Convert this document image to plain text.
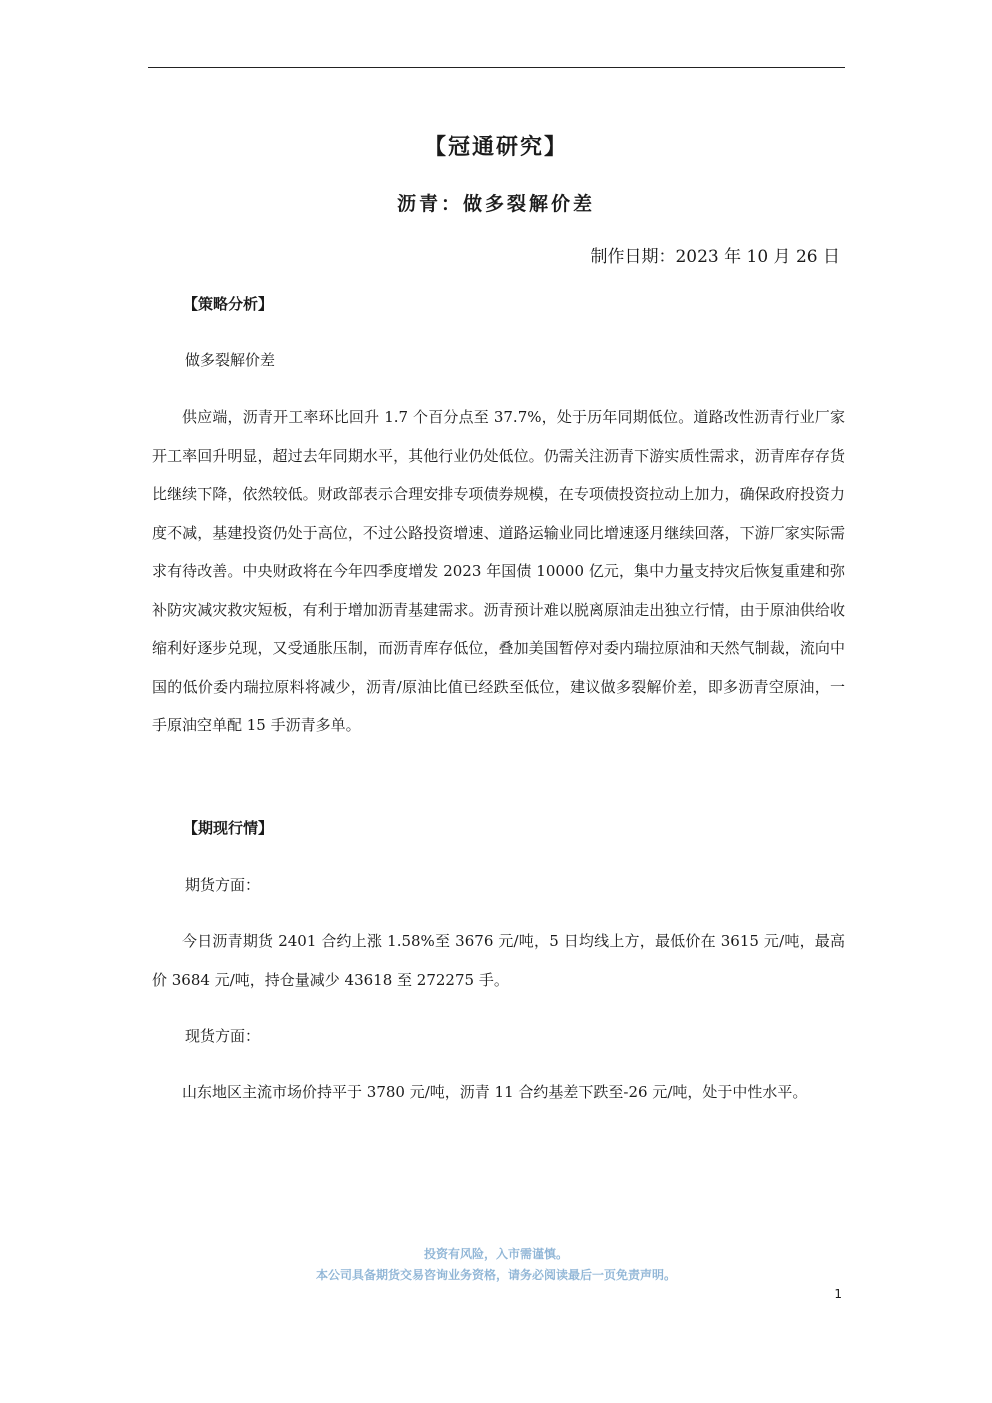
【冠通研究】
沥青：做多裂解价差
制作日期：2023 年 10 月 26 日
【策略分析】
做多裂解价差
供应端，沥青开工率环比回升 1.7 个百分点至 37.7%，处于历年同期低位。道路改性沥青行业厂家开工率回升明显，超过去年同期水平，其他行业仍处低位。仍需关注沥青下游实质性需求，沥青库存存货比继续下降，依然较低。财政部表示合理安排专项债券规模，在专项债投资拉动上加力，确保政府投资力度不减，基建投资仍处于高位，不过公路投资增速、道路运输业同比增速逐月继续回落，下游厂家实际需求有待改善。中央财政将在今年四季度增发 2023 年国债 10000 亿元，集中力量支持灾后恢复重建和弥补防灾减灾救灾短板，有利于增加沥青基建需求。沥青预计难以脱离原油走出独立行情，由于原油供给收缩利好逐步兑现，又受通胀压制，而沥青库存低位，叠加美国暂停对委内瑞拉原油和天然气制裁，流向中国的低价委内瑞拉原料将减少，沥青/原油比值已经跌至低位，建议做多裂解价差，即多沥青空原油，一手原油空单配 15 手沥青多单。
【期现行情】
期货方面：
今日沥青期货 2401 合约上涨 1.58%至 3676 元/吨，5 日均线上方，最低价在 3615 元/吨，最高价 3684 元/吨，持仓量减少 43618 至 272275 手。
现货方面：
山东地区主流市场价持平于 3780 元/吨，沥青 11 合约基差下跌至-26 元/吨，处于中性水平。
投资有风险，入市需谨慎。
本公司具备期货交易咨询业务资格，请务必阅读最后一页免责声明。
1
